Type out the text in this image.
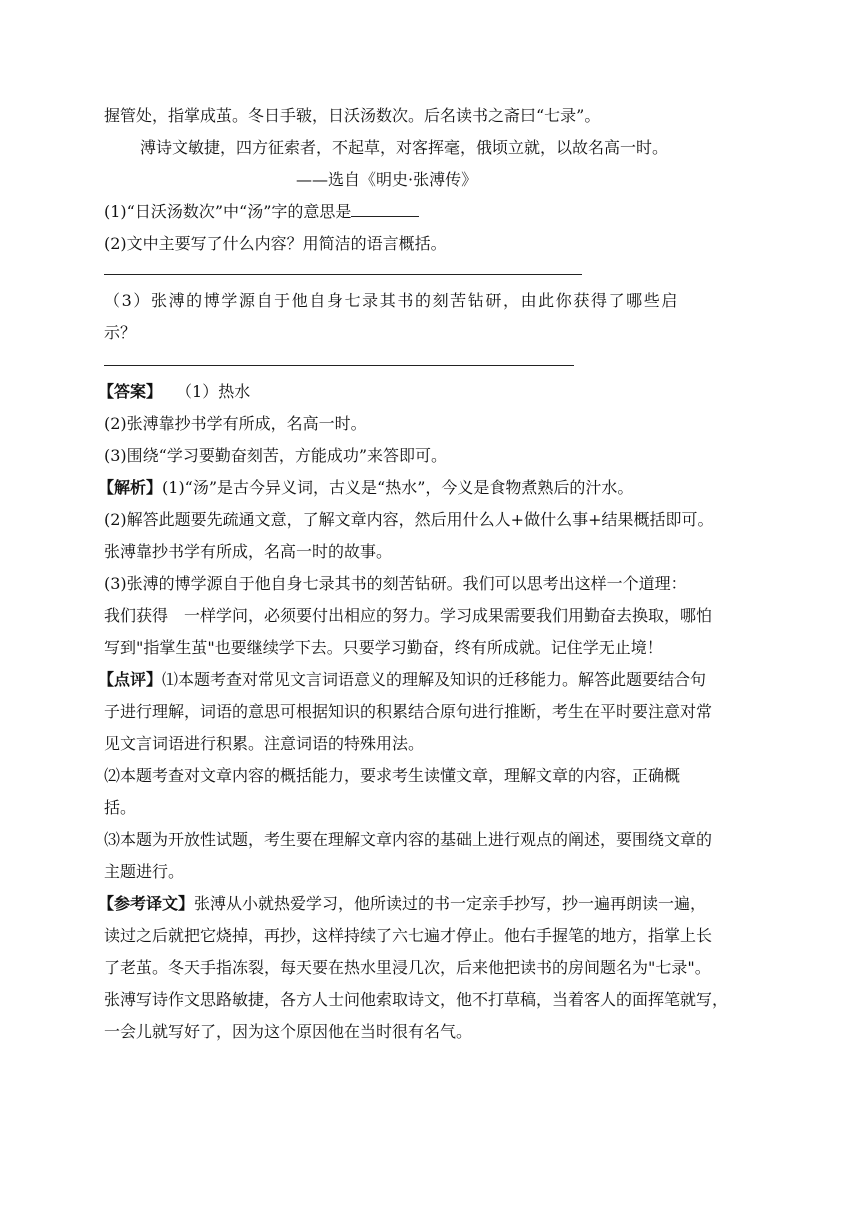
握管处，指掌成茧。冬日手皲，日沃汤数次。后名读书之斋曰“七录”。

溥诗文敏捷，四方征索者，不起草，对客挥毫，俄顷立就，以故名高一时。

——选自《明史·张溥传》

(1)“日沃汤数次”中“汤”字的意思是

(2)文中主要写了什么内容？用简洁的语言概括。

（3）张溥的博学源自于他自身七录其书的刻苦钻研，由此你获得了哪些启

示？

【答案】 （1）热水

(2)张溥靠抄书学有所成，名高一时。

(3)围绕“学习要勤奋刻苦，方能成功”来答即可。

【解析】(1)“汤”是古今异义词，古义是“热水”，今义是食物煮熟后的汁水。

(2)解答此题要先疏通文意，了解文章内容，然后用什么人+做什么事+结果概括即可。

张溥靠抄书学有所成，名高一时的故事。

(3)张溥的博学源自于他自身七录其书的刻苦钻研。我们可以思考出这样一个道理：

我们获得　一样学问，必须要付出相应的努力。学习成果需要我们用勤奋去换取，哪怕

写到"指掌生茧"也要继续学下去。只要学习勤奋，终有所成就。记住学无止境！

【点评】⑴本题考查对常见文言词语意义的理解及知识的迁移能力。解答此题要结合句

子进行理解，词语的意思可根据知识的积累结合原句进行推断，考生在平时要注意对常

见文言词语进行积累。注意词语的特殊用法。

⑵本题考查对文章内容的概括能力，要求考生读懂文章，理解文章的内容，正确概

括。

⑶本题为开放性试题，考生要在理解文章内容的基础上进行观点的阐述，要围绕文章的

主题进行。

【参考译文】张溥从小就热爱学习，他所读过的书一定亲手抄写，抄一遍再朗读一遍，

读过之后就把它烧掉，再抄，这样持续了六七遍才停止。他右手握笔的地方，指掌上长

了老茧。冬天手指冻裂，每天要在热水里浸几次，后来他把读书的房间题名为"七录"。

张溥写诗作文思路敏捷，各方人士问他索取诗文，他不打草稿，当着客人的面挥笔就写，

一会儿就写好了，因为这个原因他在当时很有名气。
